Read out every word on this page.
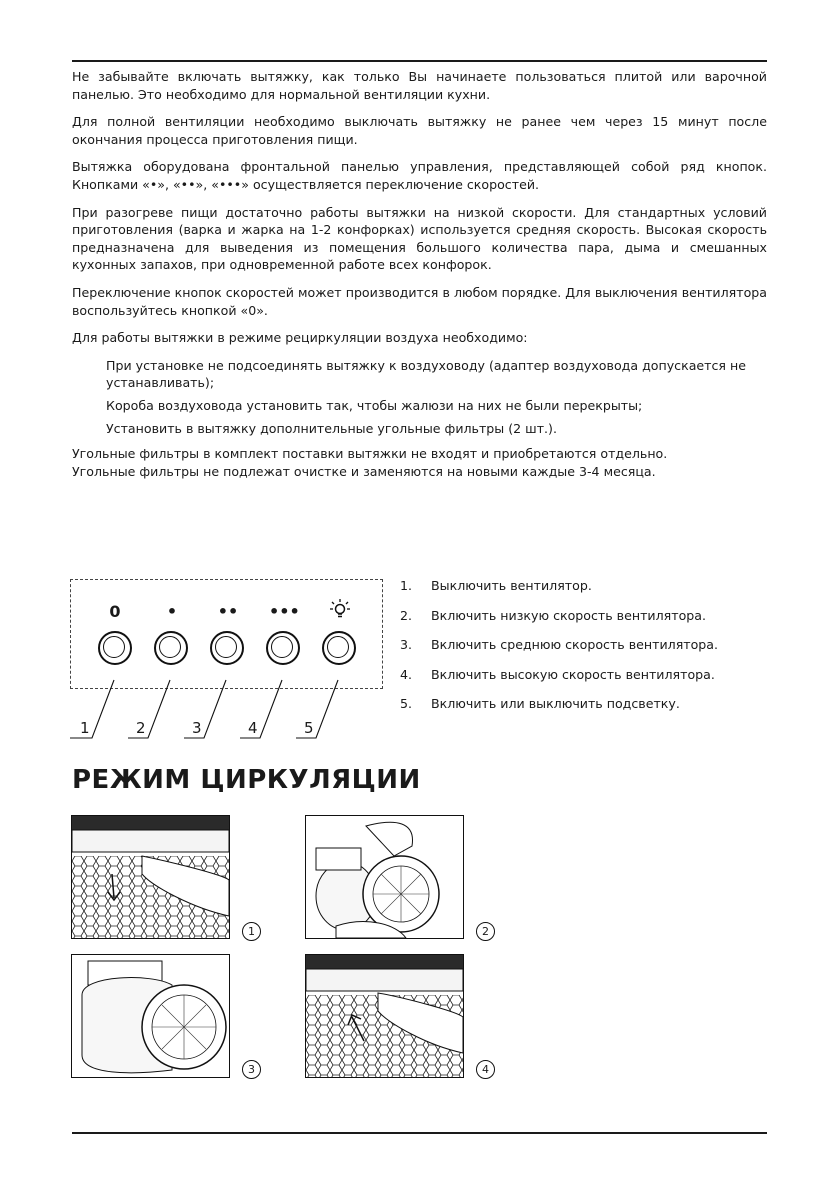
Не забывайте включать вытяжку, как только Вы начинаете пользоваться плитой или варочной панелью. Это необходимо для нормальной вентиляции кухни.

Для полной вентиляции необходимо выключать вытяжку не ранее чем через 15 минут после окончания процесса приготовления пищи.

Вытяжка оборудована фронтальной панелью управления, представляющей собой ряд кнопок. Кнопками «•», «••», «•••» осуществляется переключение скоростей.

При разогреве пищи достаточно работы вытяжки на низкой скорости. Для стандартных условий приготовления (варка и жарка на 1-2 конфорках) используется средняя скорость. Высокая скорость предназначена для выведения из помещения большого количества пара, дыма и смешанных кухонных запахов, при одновременной работе всех конфорок.

Переключение кнопок скоростей может производится в любом порядке. Для выключения вентилятора воспользуйтесь кнопкой «0».

Для работы вытяжки в режиме рециркуляции воздуха необходимо:

При установке не подсоединять вытяжку к воздуховоду (адаптер воздуховода допускается не устанавливать);
Короба воздуховода установить так, чтобы жалюзи на них не были перекрыты;
Установить в вытяжку дополнительные угольные фильтры (2 шт.).

Угольные фильтры в комплект поставки вытяжки не входят и приобретаются отдельно.

Угольные фильтры не подлежат очистке и заменяются на новыми каждые 3-4 месяца.

0	•	•• •••
1	2	3	4	5
1.	Выключить вентилятор.
2.	Включить низкую скорость вентилятора.
3.	Включить среднюю скорость вентилятора.
4.	Включить высокую скорость вентилятора.
5.	Включить или выключить подсветку.
РЕЖИМ ЦИРКУЛЯЦИИ
1	2
3	4
